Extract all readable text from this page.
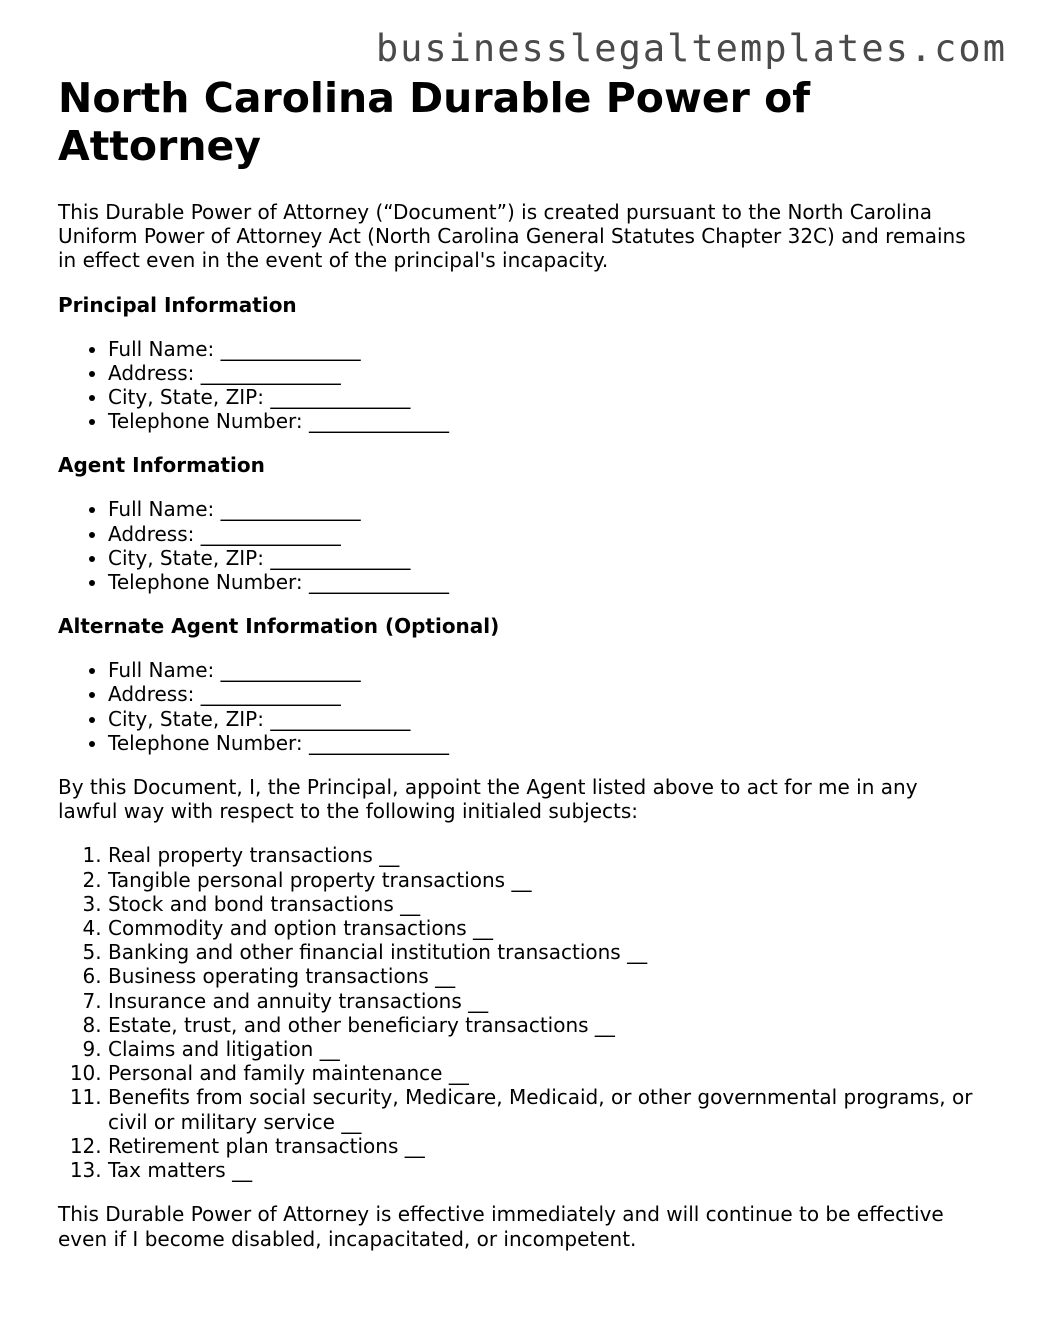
businesslegaltemplates.com
North Carolina Durable Power of Attorney

This Durable Power of Attorney (“Document”) is created pursuant to the North Carolina Uniform Power of Attorney Act (North Carolina General Statutes Chapter 32C) and remains in effect even in the event of the principal's incapacity.

Principal Information
• Full Name: ______________
• Address: ______________
• City, State, ZIP: ______________
• Telephone Number: ______________
Agent Information
• Full Name: ______________
• Address: ______________
• City, State, ZIP: ______________
• Telephone Number: ______________
Alternate Agent Information (Optional)
• Full Name: ______________
• Address: ______________
• City, State, ZIP: ______________
• Telephone Number: ______________

By this Document, I, the Principal, appoint the Agent listed above to act for me in any lawful way with respect to the following initialed subjects:

1. Real property transactions __
2. Tangible personal property transactions __
3. Stock and bond transactions __
4. Commodity and option transactions __
5. Banking and other financial institution transactions __
6. Business operating transactions __
7. Insurance and annuity transactions __
8. Estate, trust, and other beneficiary transactions __
9. Claims and litigation __
10. Personal and family maintenance __
11. Benefits from social security, Medicare, Medicaid, or other governmental programs, or civil or military service __
12. Retirement plan transactions __
13. Tax matters __

This Durable Power of Attorney is effective immediately and will continue to be effective even if I become disabled, incapacitated, or incompetent.
